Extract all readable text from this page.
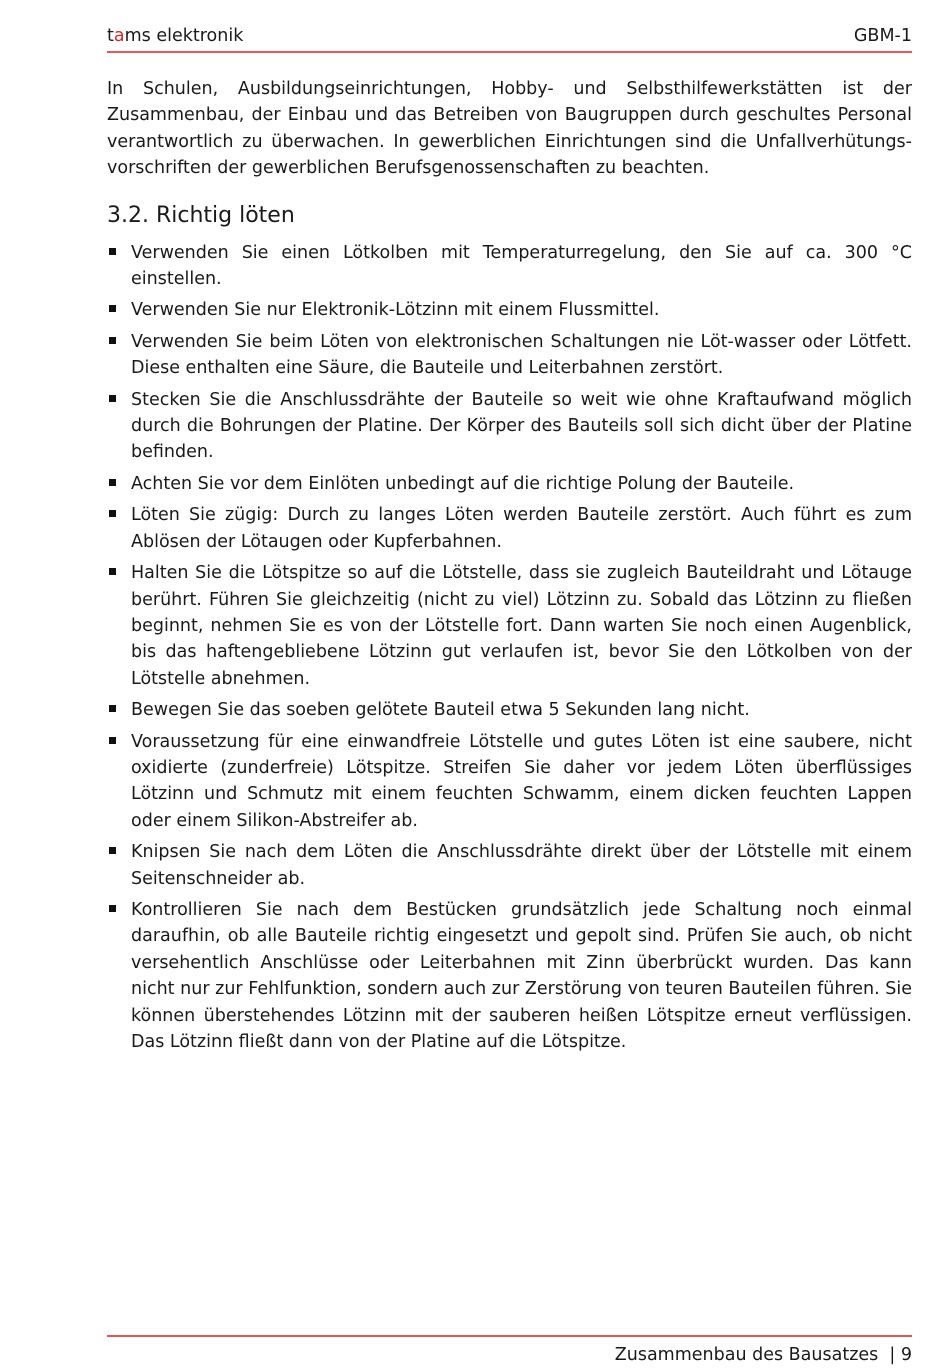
tams elektronik	GBM-1

In Schulen, Ausbildungseinrichtungen, Hobby- und Selbsthilfewerkstätten ist der Zusammenbau, der Einbau und das Betreiben von Baugruppen durch geschultes Personal verantwortlich zu überwachen. In gewerblichen Einrichtungen sind die Unfallverhütungsvorschriften der gewerblichen Berufsgenossenschaften zu beachten.

3.2. Richtig löten
Verwenden Sie einen Lötkolben mit Temperaturregelung, den Sie auf ca. 300 °C einstellen.
Verwenden Sie nur Elektronik-Lötzinn mit einem Flussmittel.
Verwenden Sie beim Löten von elektronischen Schaltungen nie Löt-wasser oder Lötfett. Diese enthalten eine Säure, die Bauteile und Leiterbahnen zerstört.
Stecken Sie die Anschlussdrähte der Bauteile so weit wie ohne Kraftaufwand möglich durch die Bohrungen der Platine. Der Körper des Bauteils soll sich dicht über der Platine befinden.
Achten Sie vor dem Einlöten unbedingt auf die richtige Polung der Bauteile.
Löten Sie zügig: Durch zu langes Löten werden Bauteile zerstört. Auch führt es zum Ablösen der Lötaugen oder Kupferbahnen.
Halten Sie die Lötspitze so auf die Lötstelle, dass sie zugleich Bauteildraht und Lötauge berührt. Führen Sie gleichzeitig (nicht zu viel) Lötzinn zu. Sobald das Lötzinn zu fließen beginnt, nehmen Sie es von der Lötstelle fort. Dann warten Sie noch einen Augenblick, bis das haftengebliebene Lötzinn gut verlaufen ist, bevor Sie den Lötkolben von der Lötstelle abnehmen.
Bewegen Sie das soeben gelötete Bauteil etwa 5 Sekunden lang nicht.
Voraussetzung für eine einwandfreie Lötstelle und gutes Löten ist eine saubere, nicht oxidierte (zunderfreie) Lötspitze. Streifen Sie daher vor jedem Löten überflüssiges Lötzinn und Schmutz mit einem feuchten Schwamm, einem dicken feuchten Lappen oder einem Silikon-Abstreifer ab.
Knipsen Sie nach dem Löten die Anschlussdrähte direkt über der Lötstelle mit einem Seitenschneider ab.
Kontrollieren Sie nach dem Bestücken grundsätzlich jede Schaltung noch einmal daraufhin, ob alle Bauteile richtig eingesetzt und gepolt sind. Prüfen Sie auch, ob nicht versehentlich Anschlüsse oder Leiterbahnen mit Zinn überbrückt wurden. Das kann nicht nur zur Fehlfunktion, sondern auch zur Zerstörung von teuren Bauteilen führen. Sie können überstehendes Lötzinn mit der sauberen heißen Lötspitze erneut verflüssigen. Das Lötzinn fließt dann von der Platine auf die Lötspitze.
Zusammenbau des Bausatzes  | 9
